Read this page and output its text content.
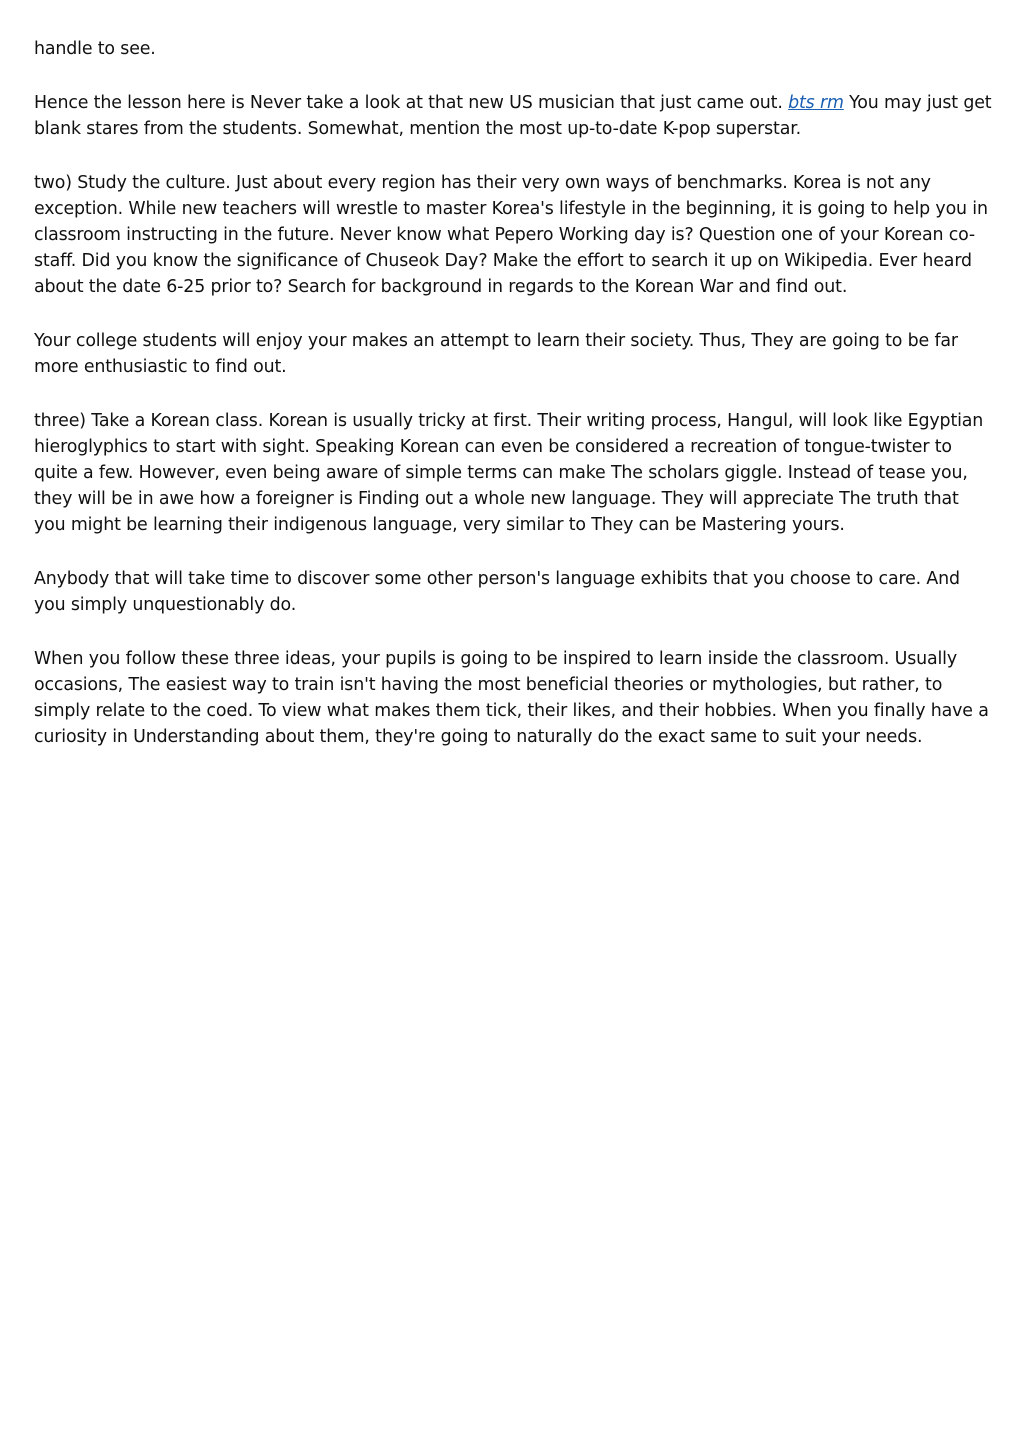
handle to see.

Hence the lesson here is Never take a look at that new US musician that just came out. bts rm You may just get blank stares from the students. Somewhat, mention the most up-to-date K-pop superstar.

two) Study the culture. Just about every region has their very own ways of benchmarks. Korea is not any exception. While new teachers will wrestle to master Korea's lifestyle in the beginning, it is going to help you in classroom instructing in the future. Never know what Pepero Working day is? Question one of your Korean co-staff. Did you know the significance of Chuseok Day? Make the effort to search it up on Wikipedia. Ever heard about the date 6-25 prior to? Search for background in regards to the Korean War and find out.

Your college students will enjoy your makes an attempt to learn their society. Thus, They are going to be far more enthusiastic to find out.

three) Take a Korean class. Korean is usually tricky at first. Their writing process, Hangul, will look like Egyptian hieroglyphics to start with sight. Speaking Korean can even be considered a recreation of tongue-twister to quite a few. However, even being aware of simple terms can make The scholars giggle. Instead of tease you, they will be in awe how a foreigner is Finding out a whole new language. They will appreciate The truth that you might be learning their indigenous language, very similar to They can be Mastering yours.

Anybody that will take time to discover some other person's language exhibits that you choose to care. And you simply unquestionably do.

When you follow these three ideas, your pupils is going to be inspired to learn inside the classroom. Usually occasions, The easiest way to train isn't having the most beneficial theories or mythologies, but rather, to simply relate to the coed. To view what makes them tick, their likes, and their hobbies. When you finally have a curiosity in Understanding about them, they're going to naturally do the exact same to suit your needs.
